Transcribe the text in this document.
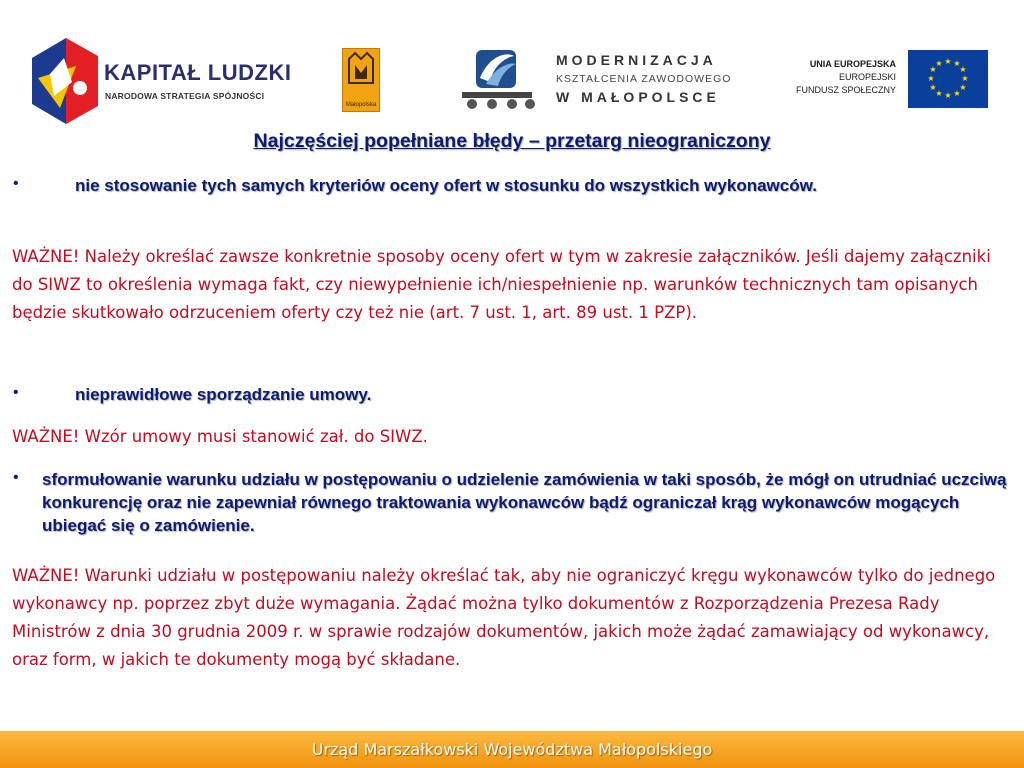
KAPITAŁ LUDZKI
NARODOWA STRATEGIA SPÓJNOŚCI
Małopolska
MODERNIZACJA
KSZTAŁCENIA ZAWODOWEGO
W MAŁOPOLSCE
UNIA EUROPEJSKA
EUROPEJSKI
FUNDUSZ SPOŁECZNY
★ ★
★
★
★
★
★
★
★
★
★
★
Najczęściej popełniane błędy – przetarg nieograniczony
•	nie stosowanie tych samych kryteriów oceny ofert w stosunku do wszystkich wykonawców.
WAŻNE! Należy określać zawsze konkretnie sposoby oceny ofert w tym w zakresie załączników. Jeśli dajemy załączniki do SIWZ to określenia wymaga fakt, czy niewypełnienie ich/niespełnienie np. warunków technicznych tam opisanych będzie skutkowało odrzuceniem oferty czy też nie (art. 7 ust. 1, art. 89 ust. 1 PZP).
•	nieprawidłowe sporządzanie umowy.
WAŻNE! Wzór umowy musi stanowić zał. do SIWZ.
• sformułowanie warunku udziału w postępowaniu o udzielenie zamówienia w taki sposób, że mógł on utrudniać uczciwą konkurencję oraz nie zapewniał równego traktowania wykonawców bądź ograniczał krąg wykonawców mogących ubiegać się o zamówienie.
WAŻNE! Warunki udziału w postępowaniu należy określać tak, aby nie ograniczyć kręgu wykonawców tylko do jednego wykonawcy np. poprzez zbyt duże wymagania. Żądać można tylko dokumentów z Rozporządzenia Prezesa Rady Ministrów z dnia 30 grudnia 2009 r. w sprawie rodzajów dokumentów, jakich może żądać zamawiający od wykonawcy, oraz form, w jakich te dokumenty mogą być składane.
Urząd Marszałkowski Województwa Małopolskiego
